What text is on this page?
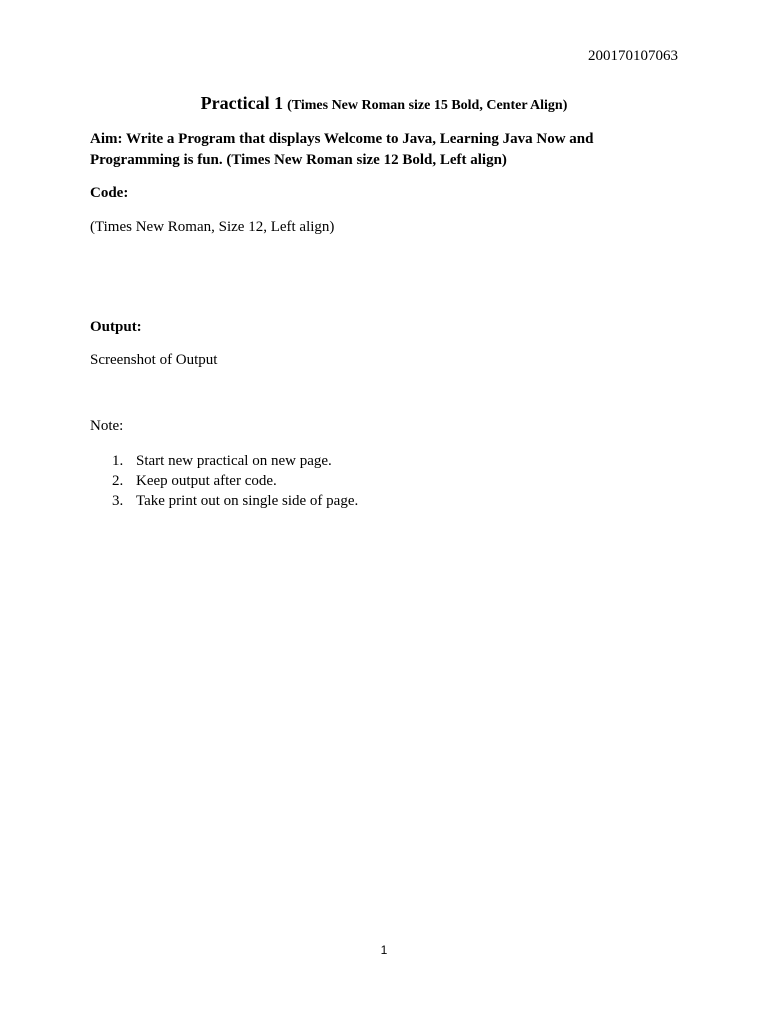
200170107063
Practical 1 (Times New Roman size 15 Bold, Center Align)
Aim: Write a Program that displays Welcome to Java, Learning Java Now and Programming is fun. (Times New Roman size 12 Bold, Left align)
Code:
(Times New Roman, Size 12, Left align)
Output:
Screenshot of Output
Note:
1. Start new practical on new page.
2. Keep output after code.
3. Take print out on single side of page.
1
